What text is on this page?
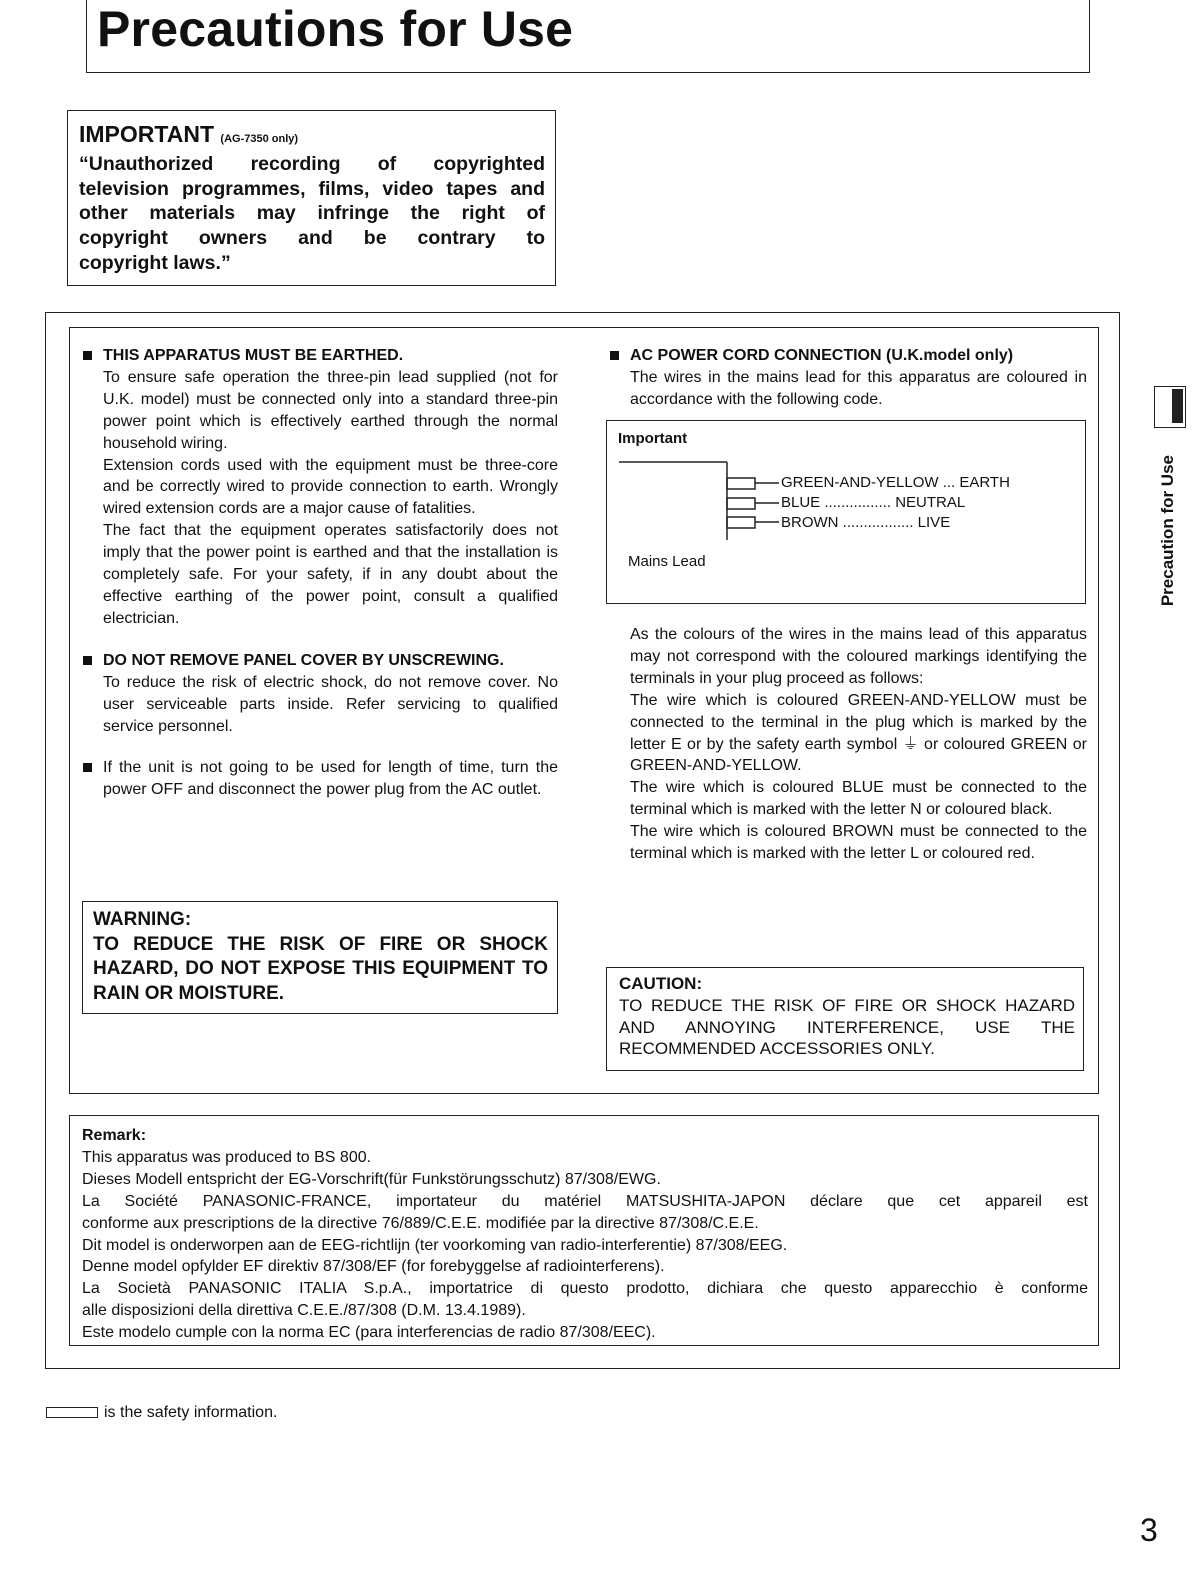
Precautions for Use
IMPORTANT (AG-7350 only)
“Unauthorized recording of copyrighted
television programmes, films, video tapes and
other materials may infringe the right of
copyright owners and be contrary to
copyright laws.”
THIS APPARATUS MUST BE EARTHED.
To ensure safe operation the three-pin lead supplied (not for U.K. model) must be connected only into a standard three-pin power point which is effectively earthed through the normal household wiring.
Extension cords used with the equipment must be three-core and be correctly wired to provide connection to earth. Wrongly wired extension cords are a major cause of fatalities.
The fact that the equipment operates satisfactorily does not imply that the power point is earthed and that the installation is completely safe. For your safety, if in any doubt about the effective earthing of the power point, consult a qualified electrician.
DO NOT REMOVE PANEL COVER BY UNSCREWING.
To reduce the risk of electric shock, do not remove cover. No user serviceable parts inside. Refer servicing to qualified service personnel.
If the unit is not going to be used for length of time, turn the power OFF and disconnect the power plug from the AC outlet.
WARNING:
TO REDUCE THE RISK OF FIRE OR SHOCK HAZARD, DO NOT EXPOSE THIS EQUIPMENT TO RAIN OR MOISTURE.
AC POWER CORD CONNECTION (U.K.model only)
The wires in the mains lead for this apparatus are coloured in accordance with the following code.
Important
GREEN-AND-YELLOW ... EARTH
BLUE ................ NEUTRAL
BROWN ................. LIVE
Mains Lead
As the colours of the wires in the mains lead of this apparatus may not correspond with the coloured markings identifying the terminals in your plug proceed as follows:
The wire which is coloured GREEN-AND-YELLOW must be connected to the terminal in the plug which is marked by the letter E or by the safety earth symbol ⏚ or coloured GREEN or GREEN-AND-YELLOW.
The wire which is coloured BLUE must be connected to the terminal which is marked with the letter N or coloured black.
The wire which is coloured BROWN must be connected to the terminal which is marked with the letter L or coloured red.
CAUTION:
TO REDUCE THE RISK OF FIRE OR SHOCK HAZARD AND ANNOYING INTERFERENCE, USE THE RECOMMENDED ACCESSORIES ONLY.
Remark:
This apparatus was produced to BS 800.
Dieses Modell entspricht der EG-Vorschrift(für Funkstörungsschutz) 87/308/EWG.
La Société PANASONIC-FRANCE, importateur du matériel MATSUSHITA-JAPON déclare que cet appareil est
conforme aux prescriptions de la directive 76/889/C.E.E. modifiée par la directive 87/308/C.E.E.
Dit model is onderworpen aan de EEG-richtlijn (ter voorkoming van radio-interferentie) 87/308/EEG.
Denne model opfylder EF direktiv 87/308/EF (for forebyggelse af radiointerferens).
La Società PANASONIC ITALIA S.p.A., importatrice di questo prodotto, dichiara che questo apparecchio è conforme
alle disposizioni della direttiva C.E.E./87/308 (D.M. 13.4.1989).
Este modelo cumple con la norma EC (para interferencias de radio 87/308/EEC).
Precaution for Use
is the safety information.
3
